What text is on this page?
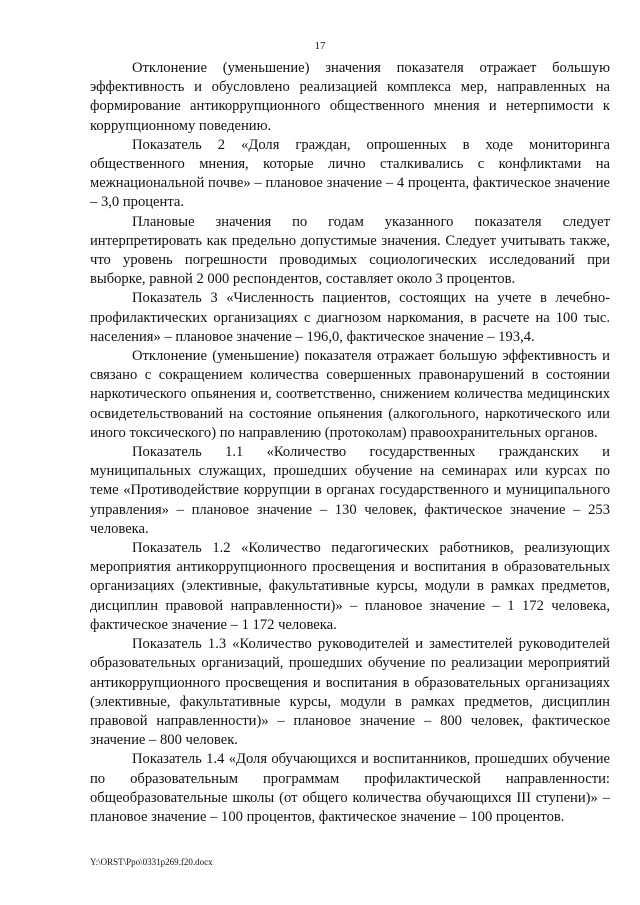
17

Отклонение (уменьшение) значения показателя отражает большую эффективность и обусловлено реализацией комплекса мер, направленных на формирование антикоррупционного общественного мнения и нетерпимости к коррупционному поведению.

Показатель 2 «Доля граждан, опрошенных в ходе мониторинга общественного мнения, которые лично сталкивались с конфликтами на межнациональной почве» – плановое значение – 4 процента, фактическое значение – 3,0 процента.

Плановые значения по годам указанного показателя следует интерпретировать как предельно допустимые значения. Следует учитывать также, что уровень погрешности проводимых социологических исследований при выборке, равной 2 000 респондентов, составляет около 3 процентов.

Показатель 3 «Численность пациентов, состоящих на учете в лечебно-профилактических организациях с диагнозом наркомания, в расчете на 100 тыс. населения» – плановое значение – 196,0, фактическое значение – 193,4.

Отклонение (уменьшение) показателя отражает большую эффективность и связано с сокращением количества совершенных правонарушений в состоянии наркотического опьянения и, соответственно, снижением количества медицинских освидетельствований на состояние опьянения (алкогольного, наркотического или иного токсического) по направлению (протоколам) правоохранительных органов.

Показатель 1.1 «Количество государственных гражданских и муниципальных служащих, прошедших обучение на семинарах или курсах по теме «Противодействие коррупции в органах государственного и муниципального управления» – плановое значение – 130 человек, фактическое значение – 253 человека.

Показатель 1.2 «Количество педагогических работников, реализующих мероприятия антикоррупционного просвещения и воспитания в образовательных организациях (элективные, факультативные курсы, модули в рамках предметов, дисциплин правовой направленности)» – плановое значение – 1 172 человека, фактическое значение – 1 172 человека.

Показатель 1.3 «Количество руководителей и заместителей руководителей образовательных организаций, прошедших обучение по реализации мероприятий антикоррупционного просвещения и воспитания в образовательных организациях (элективные, факультативные курсы, модули в рамках предметов, дисциплин правовой направленности)» – плановое значение – 800 человек, фактическое значение – 800 человек.

Показатель 1.4 «Доля обучающихся и воспитанников, прошедших обучение по образовательным программам профилактической направленности: общеобразовательные школы (от общего количества обучающихся III ступени)» – плановое значение – 100 процентов, фактическое значение – 100 процентов.

Y:\ORST\Ppo\0331p269.f20.docx
